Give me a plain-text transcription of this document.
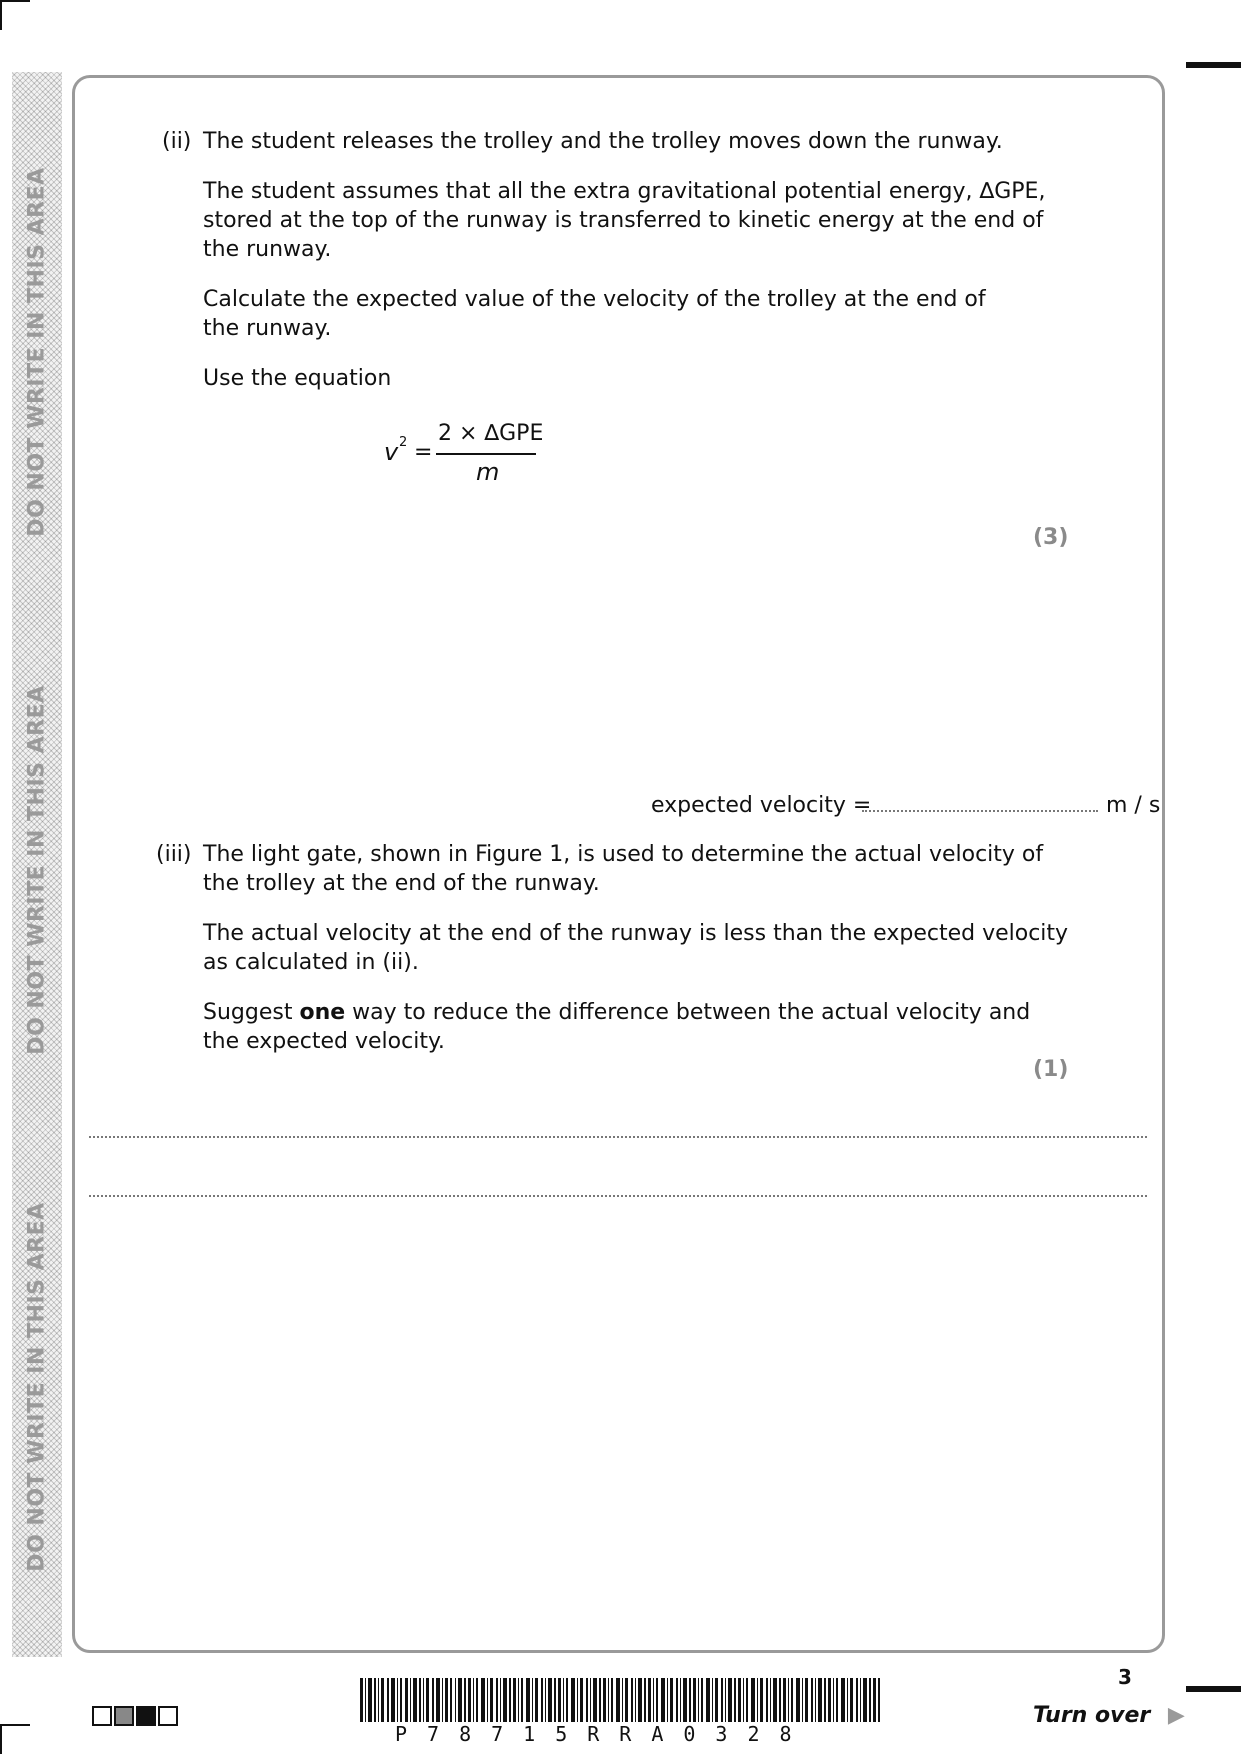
DO NOT WRITE IN THIS AREA
DO NOT WRITE IN THIS AREA
DO NOT WRITE IN THIS AREA
(ii) The student releases the trolley and the trolley moves down the runway.
The student assumes that all the extra gravitational potential energy, ∆GPE,
stored at the top of the runway is transferred to kinetic energy at the end of
the runway.
Calculate the expected value of the velocity of the trolley at the end of
the runway.
Use the equation
v 2 =
2 × ∆GPE
m
(3)
expected velocity =	m / s
(iii) The light gate, shown in Figure 1, is used to determine the actual velocity of
the trolley at the end of the runway.
The actual velocity at the end of the runway is less than the expected velocity
as calculated in (ii).
Suggest one way to reduce the difference between the actual velocity and
the expected velocity.
(1)
P78715RRA0328
3
Turn over ▶
